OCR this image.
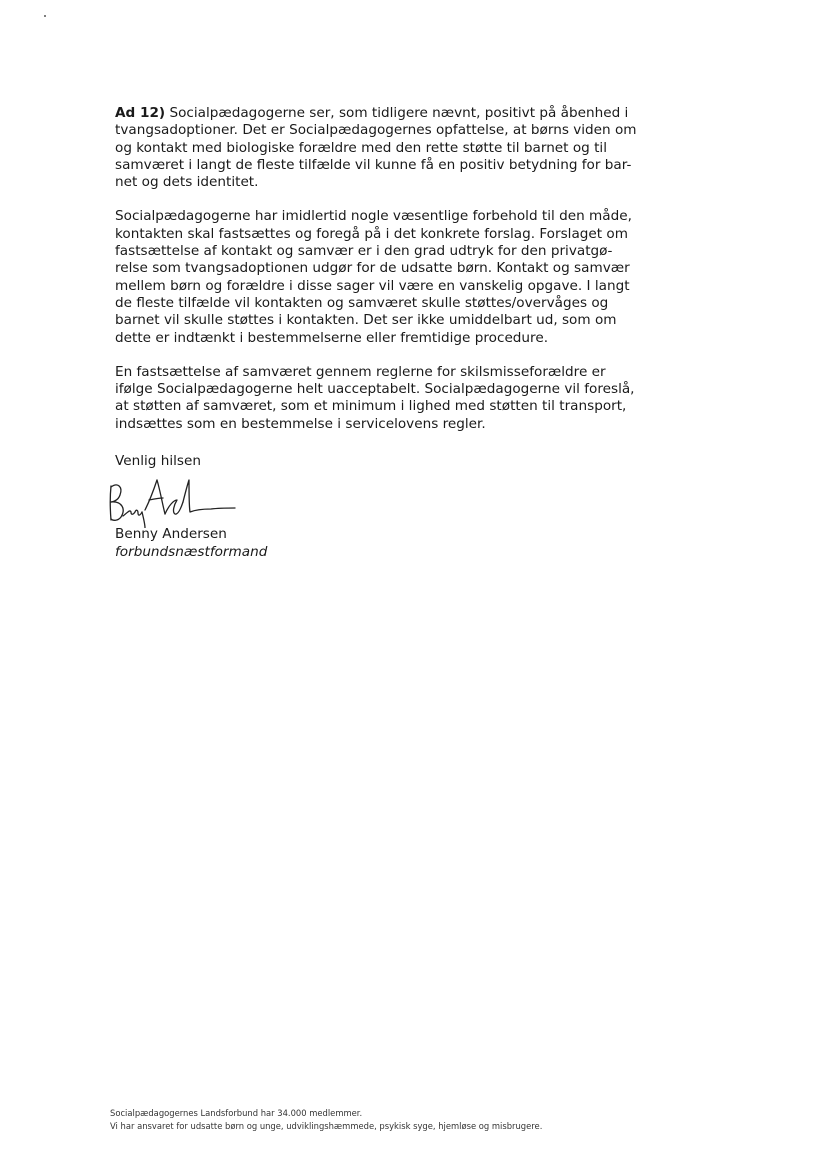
Ad 12) Socialpædagogerne ser, som tidligere nævnt, positivt på åbenhed i
tvangsadoptioner. Det er Socialpædagogernes opfattelse, at børns viden om
og kontakt med biologiske forældre med den rette støtte til barnet og til
samværet i langt de fleste tilfælde vil kunne få en positiv betydning for bar-
net og dets identitet.

Socialpædagogerne har imidlertid nogle væsentlige forbehold til den måde,
kontakten skal fastsættes og foregå på i det konkrete forslag. Forslaget om
fastsættelse af kontakt og samvær er i den grad udtryk for den privatgø-
relse som tvangsadoptionen udgør for de udsatte børn. Kontakt og samvær
mellem børn og forældre i disse sager vil være en vanskelig opgave. I langt
de fleste tilfælde vil kontakten og samværet skulle støttes/overvåges og
barnet vil skulle støttes i kontakten. Det ser ikke umiddelbart ud, som om
dette er indtænkt i bestemmelserne eller fremtidige procedure.

En fastsættelse af samværet gennem reglerne for skilsmisseforældre er
ifølge Socialpædagogerne helt uacceptabelt. Socialpædagogerne vil foreslå,
at støtten af samværet, som et minimum i lighed med støtten til transport,
indsættes som en bestemmelse i servicelovens regler.

Venlig hilsen
Benny Andersen
forbundsnæstformand
Socialpædagogernes Landsforbund har 34.000 medlemmer.
Vi har ansvaret for udsatte børn og unge, udviklingshæmmede, psykisk syge, hjemløse og misbrugere.
